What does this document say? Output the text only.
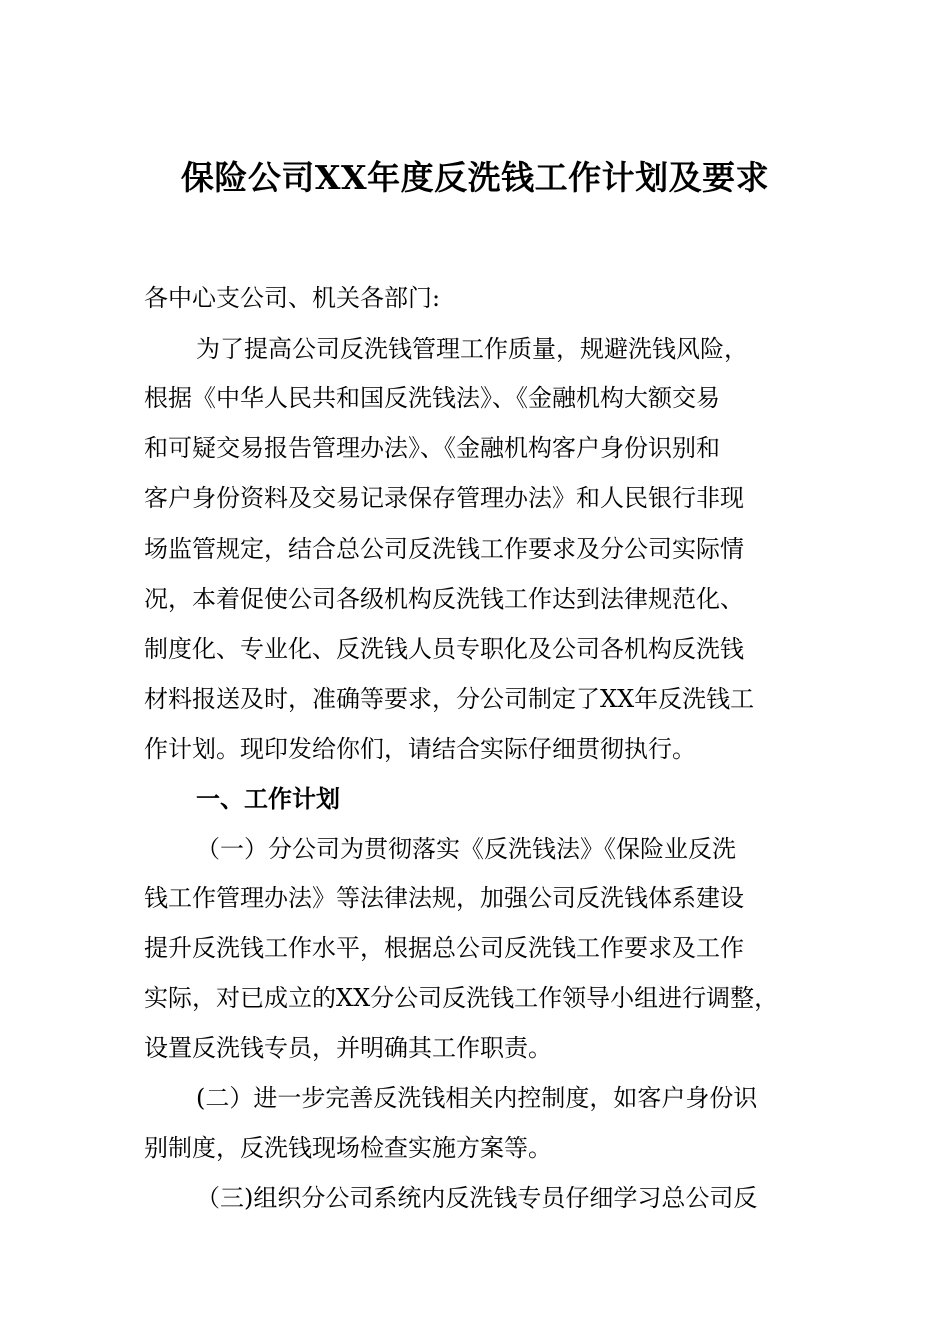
保险公司XX年度反洗钱工作计划及要求
各中心支公司、机关各部门:
为了提高公司反洗钱管理工作质量，规避洗钱风险，
根据《中华人民共和国反洗钱法》、《金融机构大额交易
和可疑交易报告管理办法》、《金融机构客户身份识别和
客户身份资料及交易记录保存管理办法》和人民银行非现
场监管规定，结合总公司反洗钱工作要求及分公司实际情
况，本着促使公司各级机构反洗钱工作达到法律规范化、
制度化、专业化、反洗钱人员专职化及公司各机构反洗钱
材料报送及时，准确等要求，分公司制定了XX年反洗钱工
作计划。现印发给你们，请结合实际仔细贯彻执行。
一、工作计划
（一）分公司为贯彻落实《反洗钱法》《保险业反洗
钱工作管理办法》等法律法规，加强公司反洗钱体系建设
提升反洗钱工作水平，根据总公司反洗钱工作要求及工作
实际，对已成立的XX分公司反洗钱工作领导小组进行调整，
设置反洗钱专员，并明确其工作职责。
(二）进一步完善反洗钱相关内控制度，如客户身份识
别制度，反洗钱现场检查实施方案等。
（三)组织分公司系统内反洗钱专员仔细学习总公司反
